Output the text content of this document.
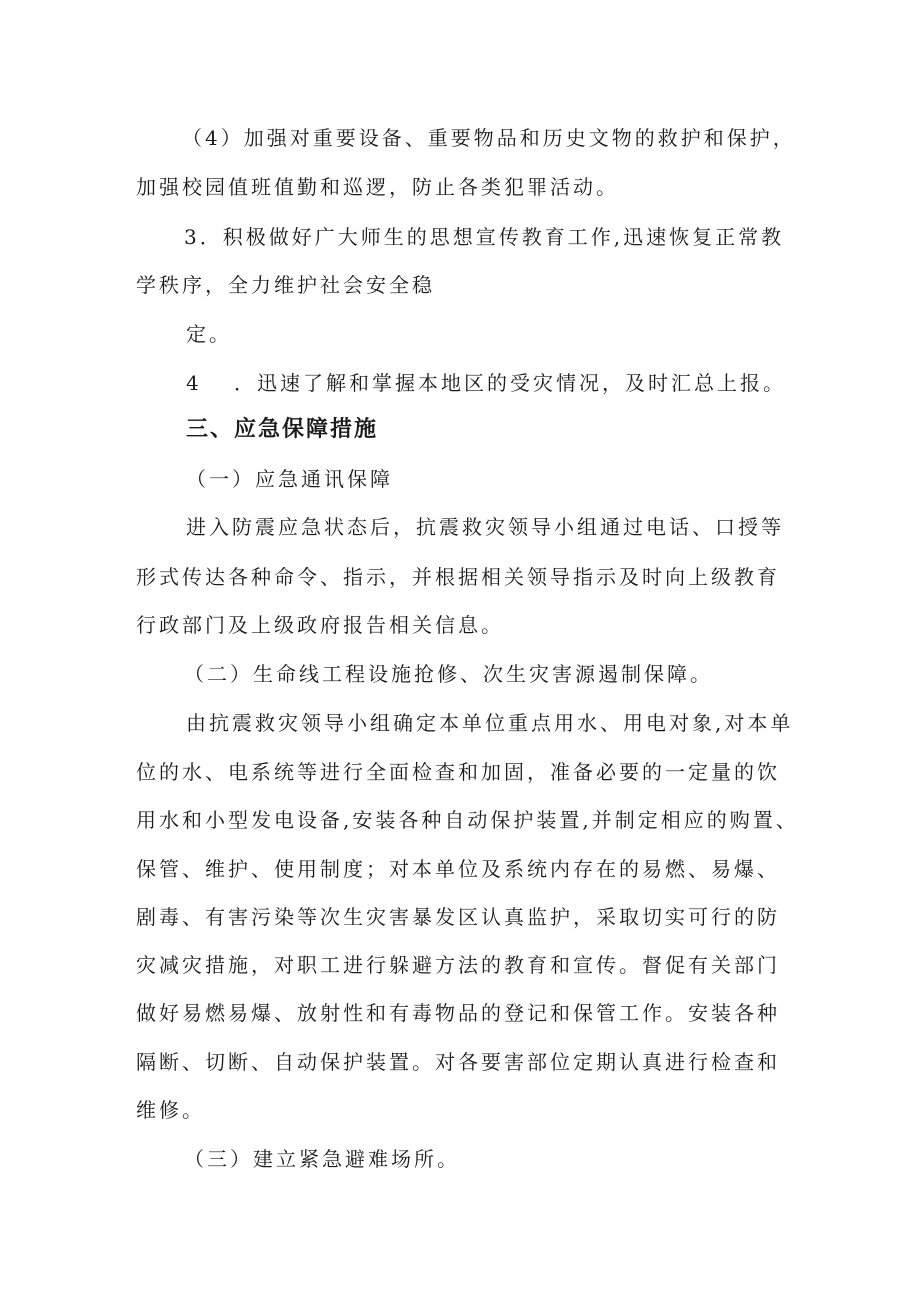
（4）加强对重要设备、重要物品和历史文物的救护和保护，
加强校园值班值勤和巡逻，防止各类犯罪活动。
3．积极做好广大师生的思想宣传教育工作,迅速恢复正常教
学秩序，全力维护社会安全稳
定。
4 ．迅速了解和掌握本地区的受灾情况，及时汇总上报。
三、应急保障措施
（一）应急通讯保障
进入防震应急状态后，抗震救灾领导小组通过电话、口授等
形式传达各种命令、指示，并根据相关领导指示及时向上级教育
行政部门及上级政府报告相关信息。
（二）生命线工程设施抢修、次生灾害源遏制保障。
由抗震救灾领导小组确定本单位重点用水、用电对象,对本单
位的水、电系统等进行全面检查和加固，准备必要的一定量的饮
用水和小型发电设备,安装各种自动保护装置,并制定相应的购置、
保管、维护、使用制度；对本单位及系统内存在的易燃、易爆、
剧毒、有害污染等次生灾害暴发区认真监护，采取切实可行的防
灾减灾措施，对职工进行躲避方法的教育和宣传。督促有关部门
做好易燃易爆、放射性和有毒物品的登记和保管工作。安装各种
隔断、切断、自动保护装置。对各要害部位定期认真进行检查和
维修。
（三）建立紧急避难场所。
